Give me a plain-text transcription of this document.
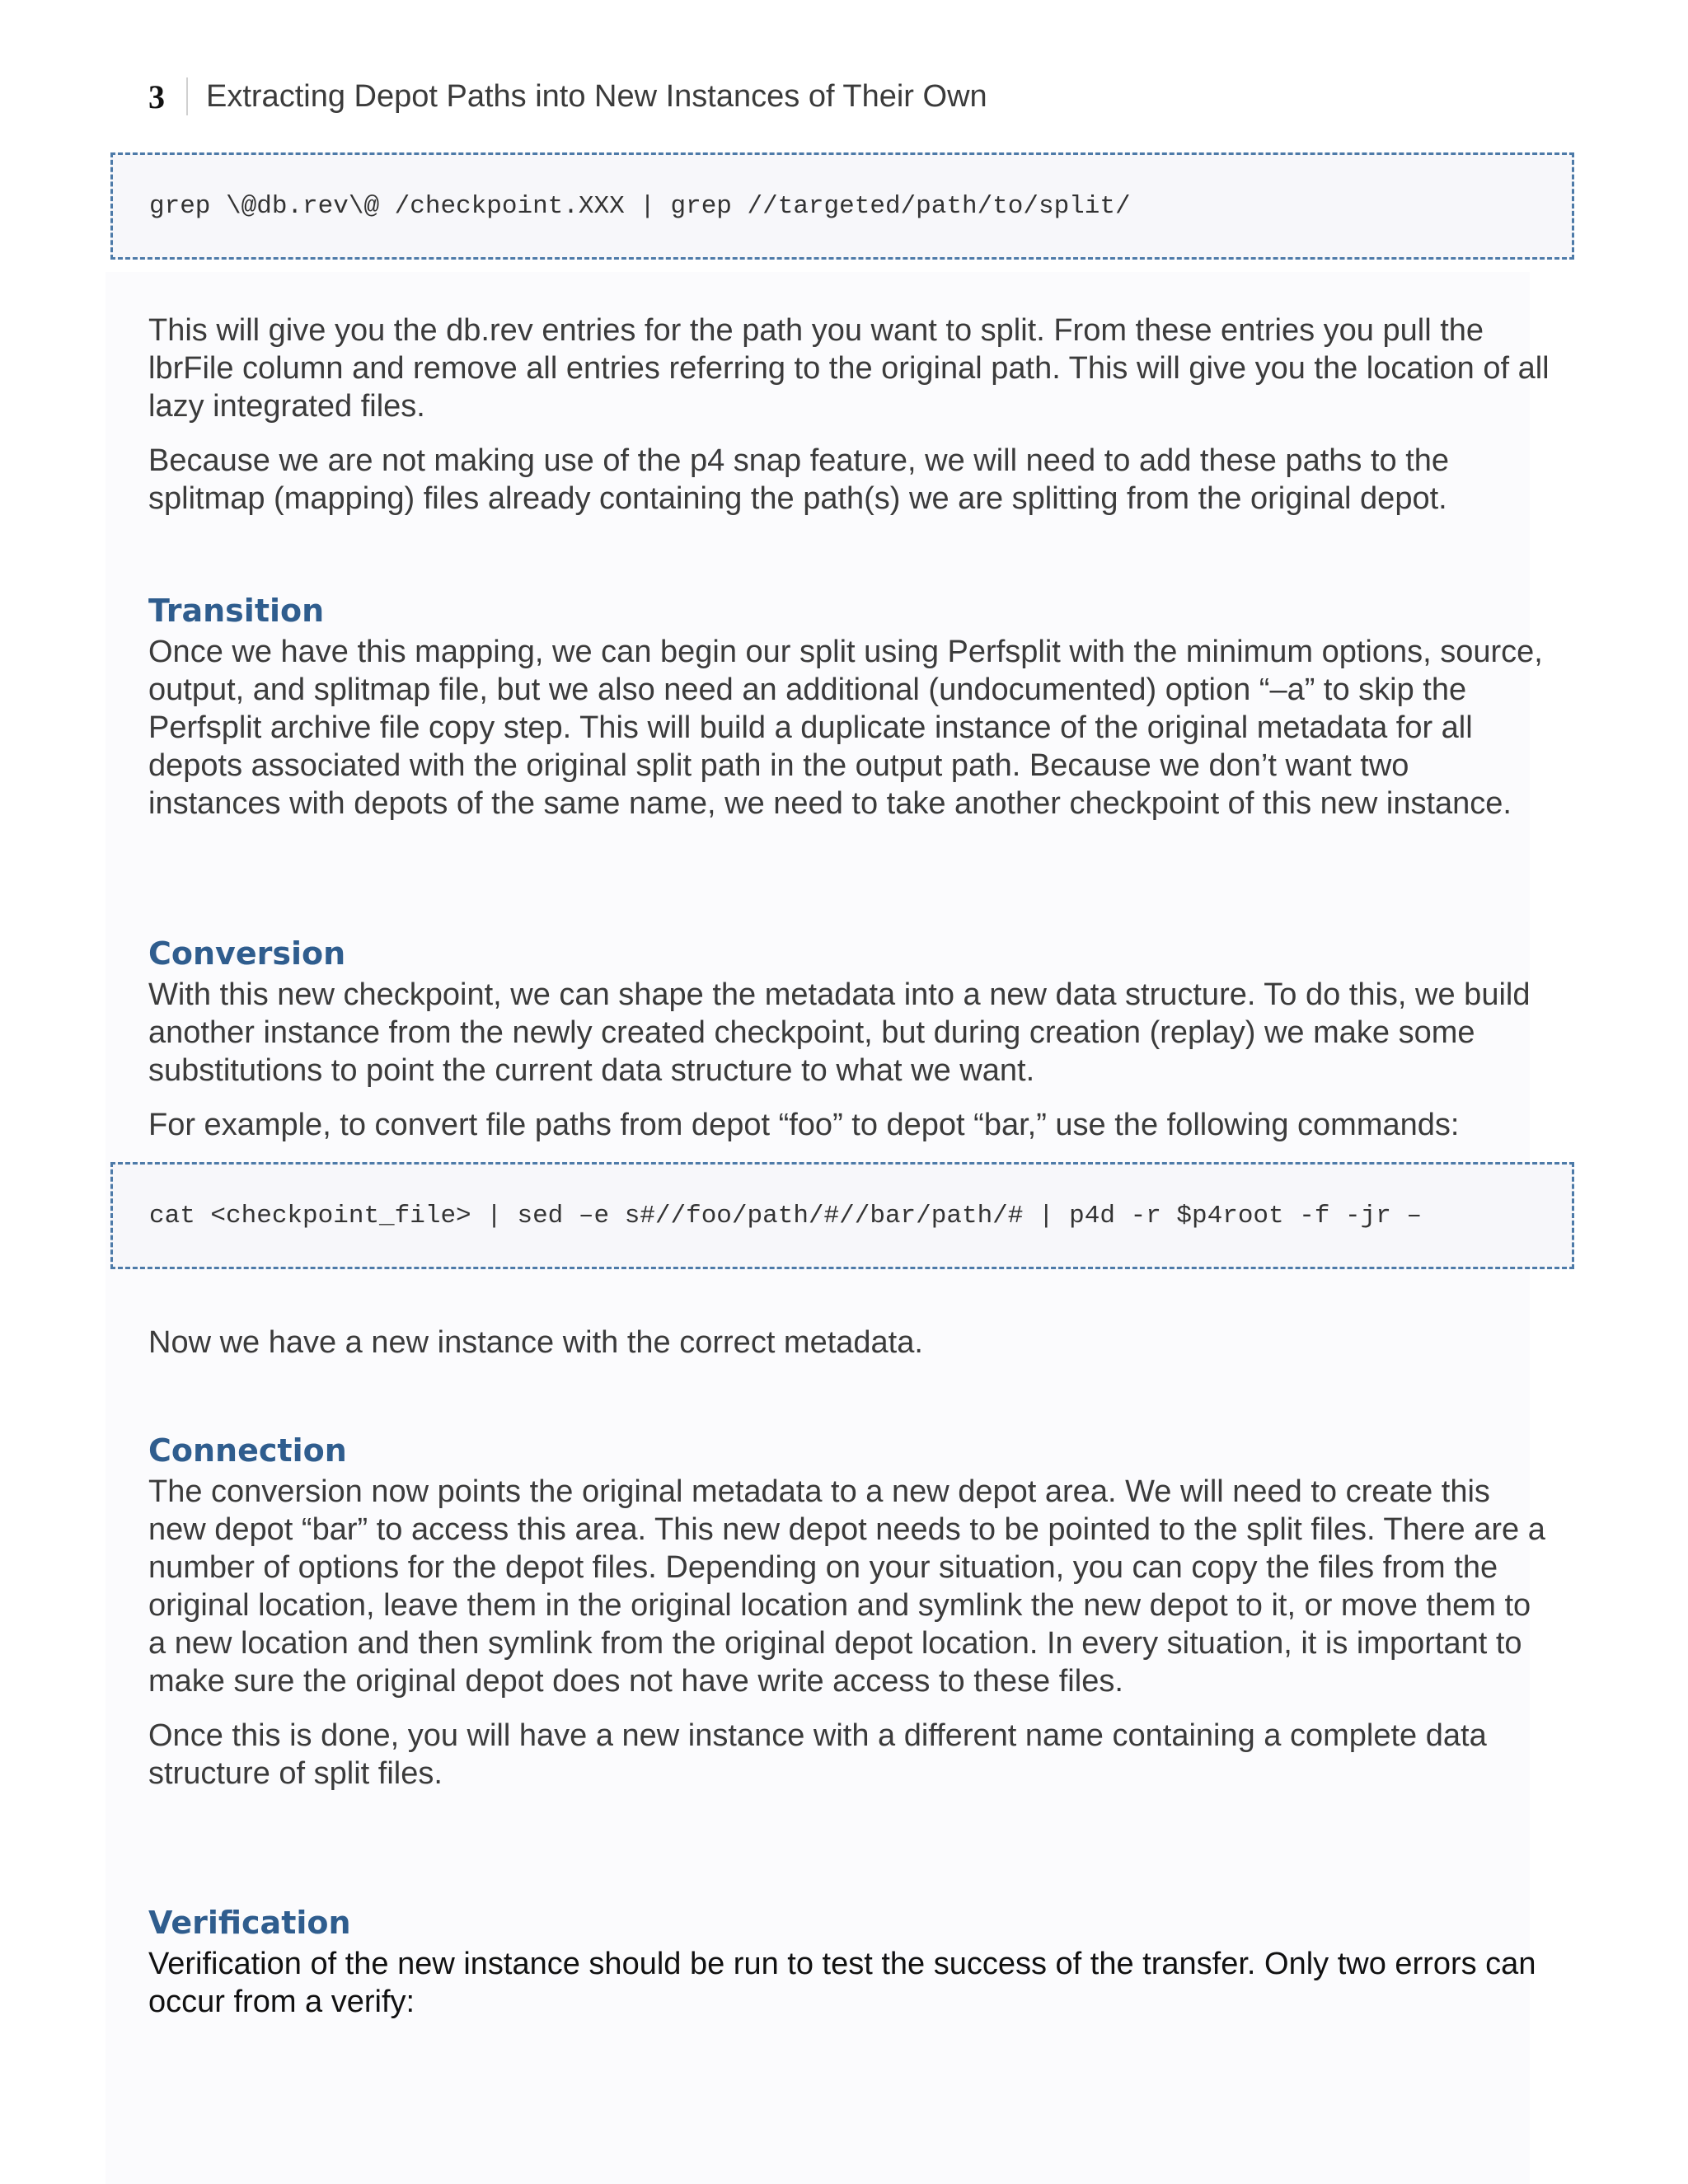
3	Extracting Depot Paths into New Instances of Their Own
grep \@db.rev\@ /checkpoint.XXX | grep //targeted/path/to/split/

This will give you the db.rev entries for the path you want to split. From these entries you pull the lbrFile column and remove all entries referring to the original path. This will give you the location of all lazy integrated files.

Because we are not making use of the p4 snap feature, we will need to add these paths to the splitmap (mapping) files already containing the path(s) we are splitting from the original depot.

Transition

Once we have this mapping, we can begin our split using Perfsplit with the minimum options, source, output, and splitmap file, but we also need an additional (undocumented) option “–a” to skip the Perfsplit archive file copy step. This will build a duplicate instance of the original metadata for all depots associated with the original split path in the output path. Because we don’t want two instances with depots of the same name, we need to take another checkpoint of this new instance.

Conversion

With this new checkpoint, we can shape the metadata into a new data structure. To do this, we build another instance from the newly created checkpoint, but during creation (replay) we make some substitutions to point the current data structure to what we want.

For example, to convert file paths from depot “foo” to depot “bar,” use the following commands:

cat <checkpoint_file> | sed –e s#//foo/path/#//bar/path/# | p4d -r $p4root -f -jr –

Now we have a new instance with the correct metadata.

Connection

The conversion now points the original metadata to a new depot area. We will need to create this new depot “bar” to access this area. This new depot needs to be pointed to the split files. There are a number of options for the depot files. Depending on your situation, you can copy the files from the original location, leave them in the original location and symlink the new depot to it, or move them to a new location and then symlink from the original depot location. In every situation, it is important to make sure the original depot does not have write access to these files.

Once this is done, you will have a new instance with a different name containing a complete data structure of split files.

Verification

Verification of the new instance should be run to test the success of the transfer. Only two errors can occur from a verify:
